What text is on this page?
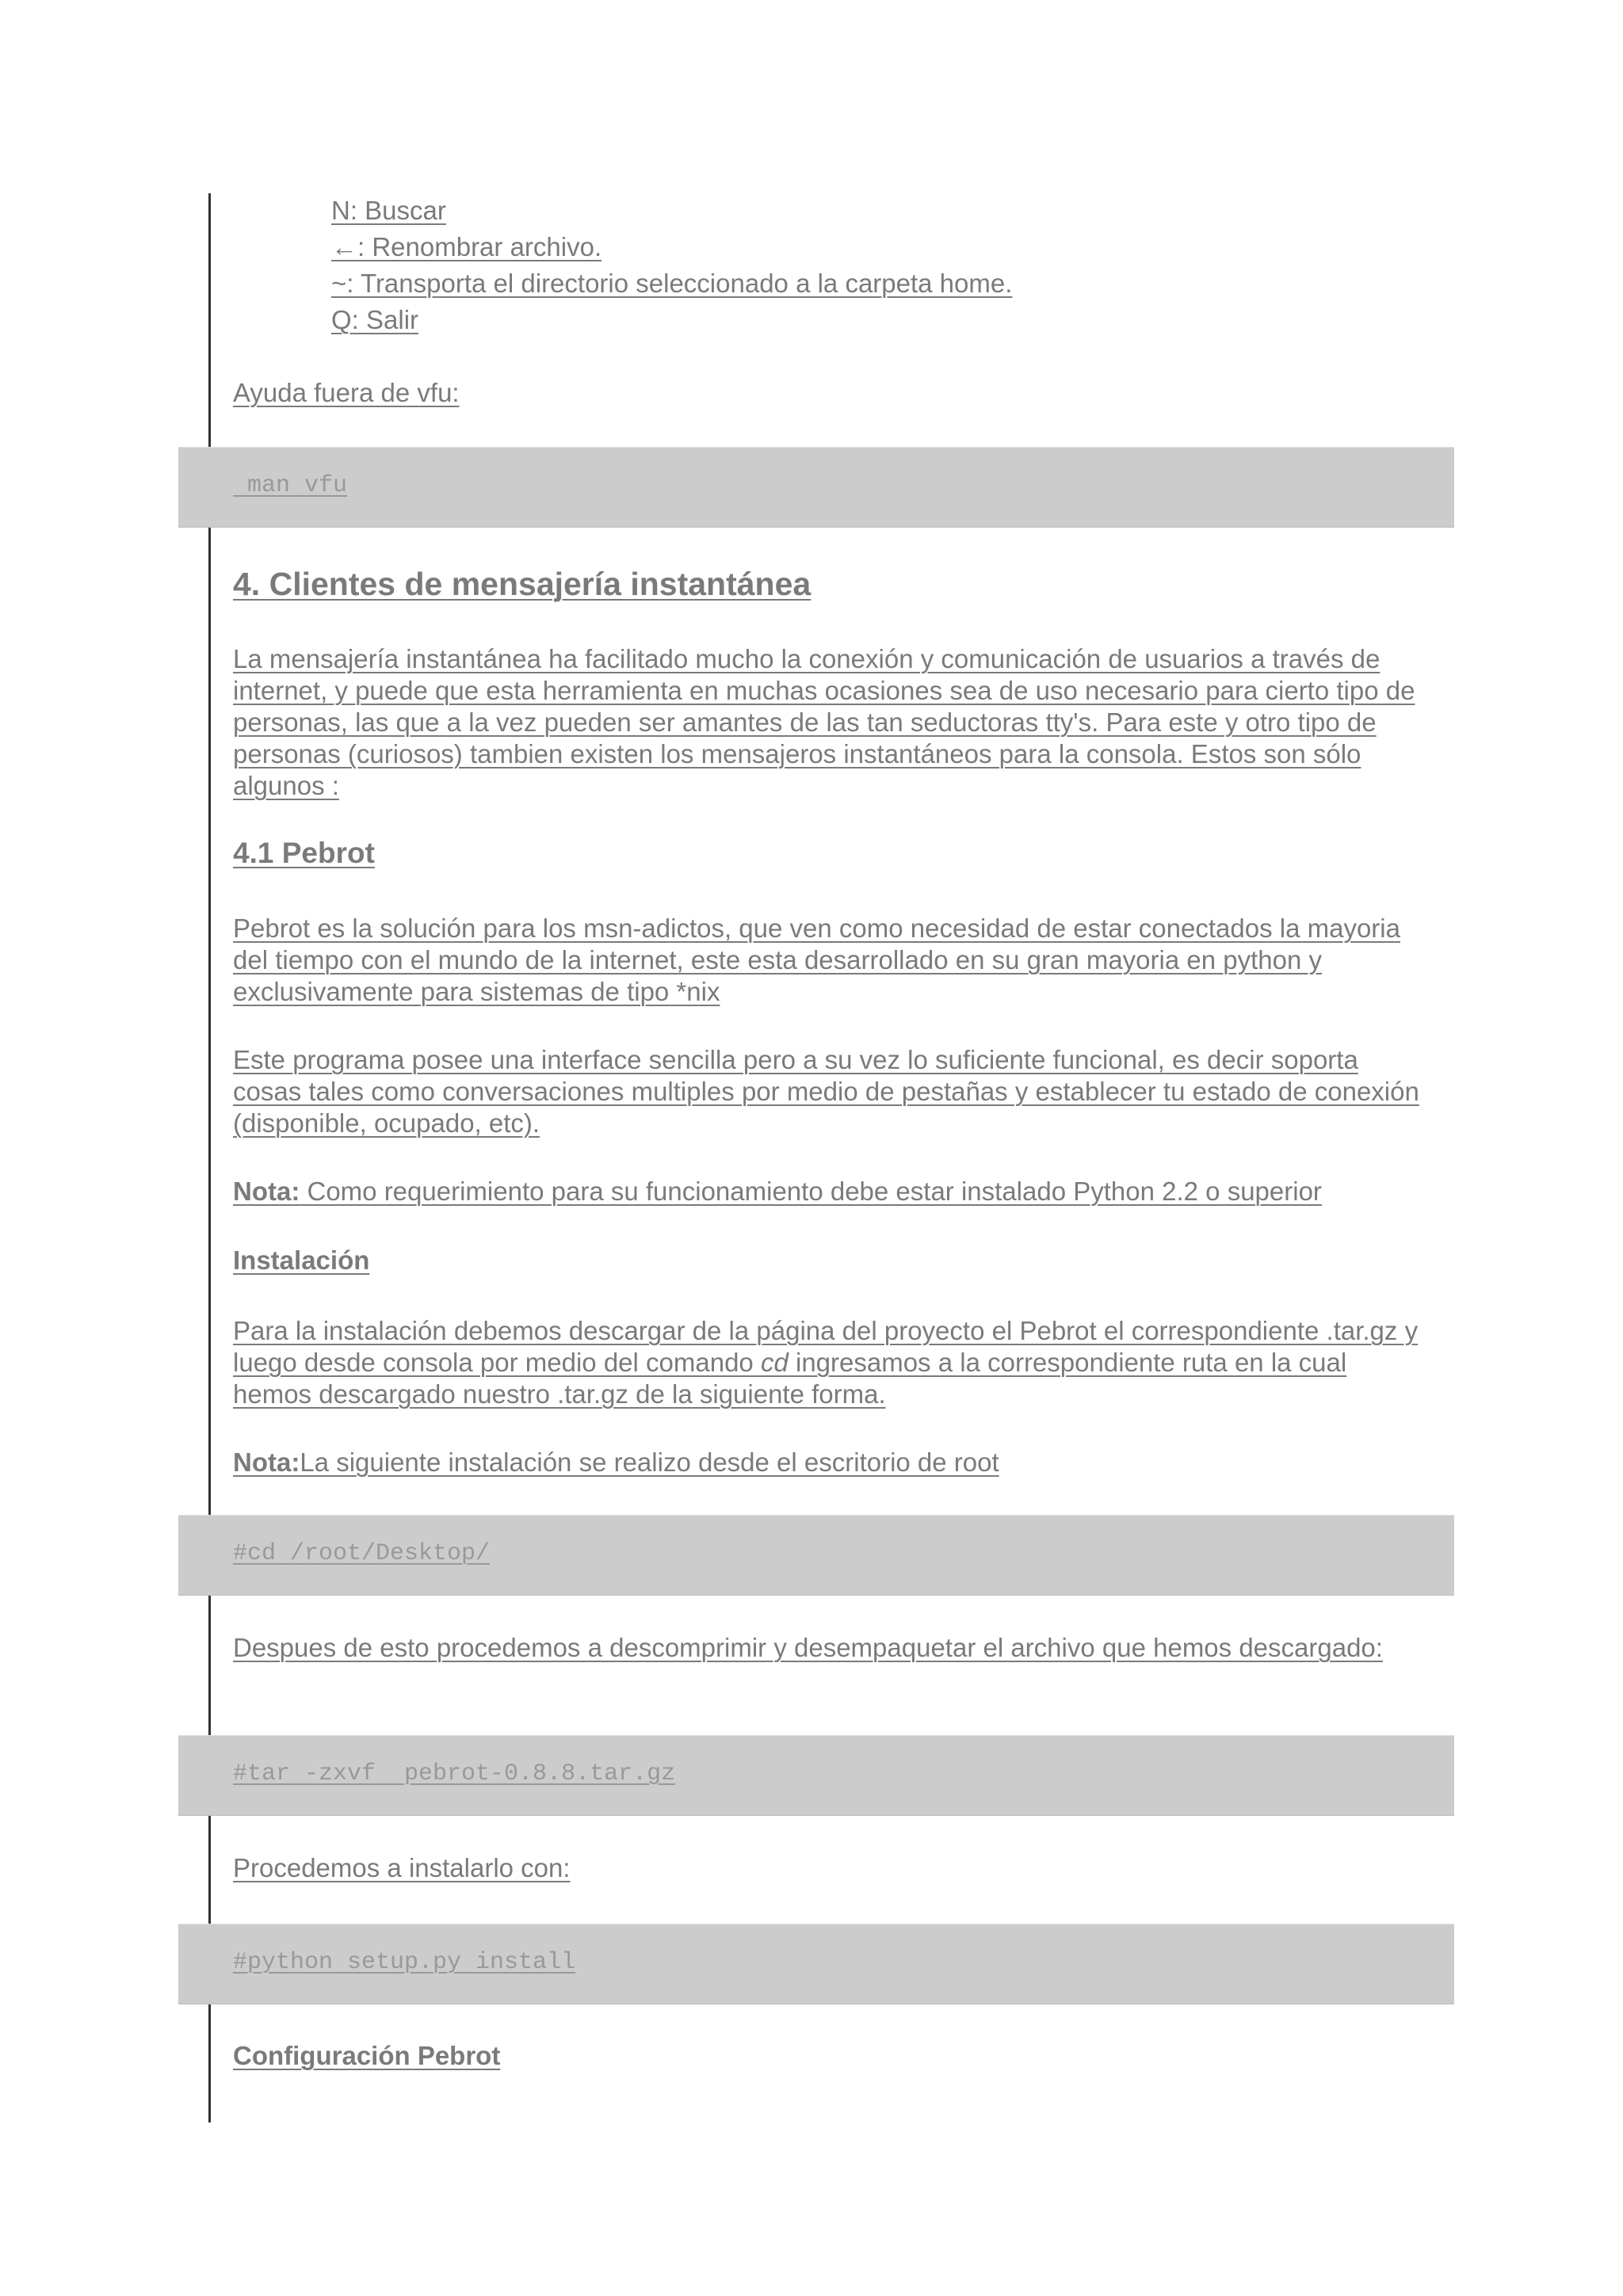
N: Buscar
←: Renombrar archivo.
~: Transporta el directorio seleccionado a la carpeta home.
Q: Salir
Ayuda fuera de vfu:
man vfu
4. Clientes de mensajería instantánea
La mensajería instantánea ha facilitado mucho la conexión y comunicación de usuarios a través de internet, y puede que esta herramienta en muchas ocasiones sea de uso necesario para cierto tipo de personas, las que a la vez pueden ser amantes de las tan seductoras tty's. Para este y otro tipo de personas (curiosos) tambien existen los mensajeros instantáneos para la consola. Estos son sólo algunos :
4.1 Pebrot
Pebrot es la solución para los msn-adictos, que ven como necesidad de estar conectados la mayoria del tiempo con el mundo de la internet, este esta desarrollado en su gran mayoria en python y exclusivamente para sistemas de tipo *nix
Este programa posee una interface sencilla pero a su vez lo suficiente funcional, es decir soporta cosas tales como conversaciones multiples por medio de pestañas y establecer tu estado de conexión (disponible, ocupado, etc).
Nota: Como requerimiento para su funcionamiento debe estar instalado Python 2.2 o superior
Instalación
Para la instalación debemos descargar de la página del proyecto el Pebrot el correspondiente .tar.gz y luego desde consola por medio del comando cd ingresamos a la correspondiente ruta en la cual hemos descargado nuestro .tar.gz de la siguiente forma.
Nota:La siguiente instalación se realizo desde el escritorio de root
#cd /root/Desktop/
Despues de esto procedemos a descomprimir y desempaquetar el archivo que hemos descargado:
#tar -zxvf  pebrot-0.8.8.tar.gz
Procedemos a instalarlo con:
#python setup.py install
Configuración Pebrot
